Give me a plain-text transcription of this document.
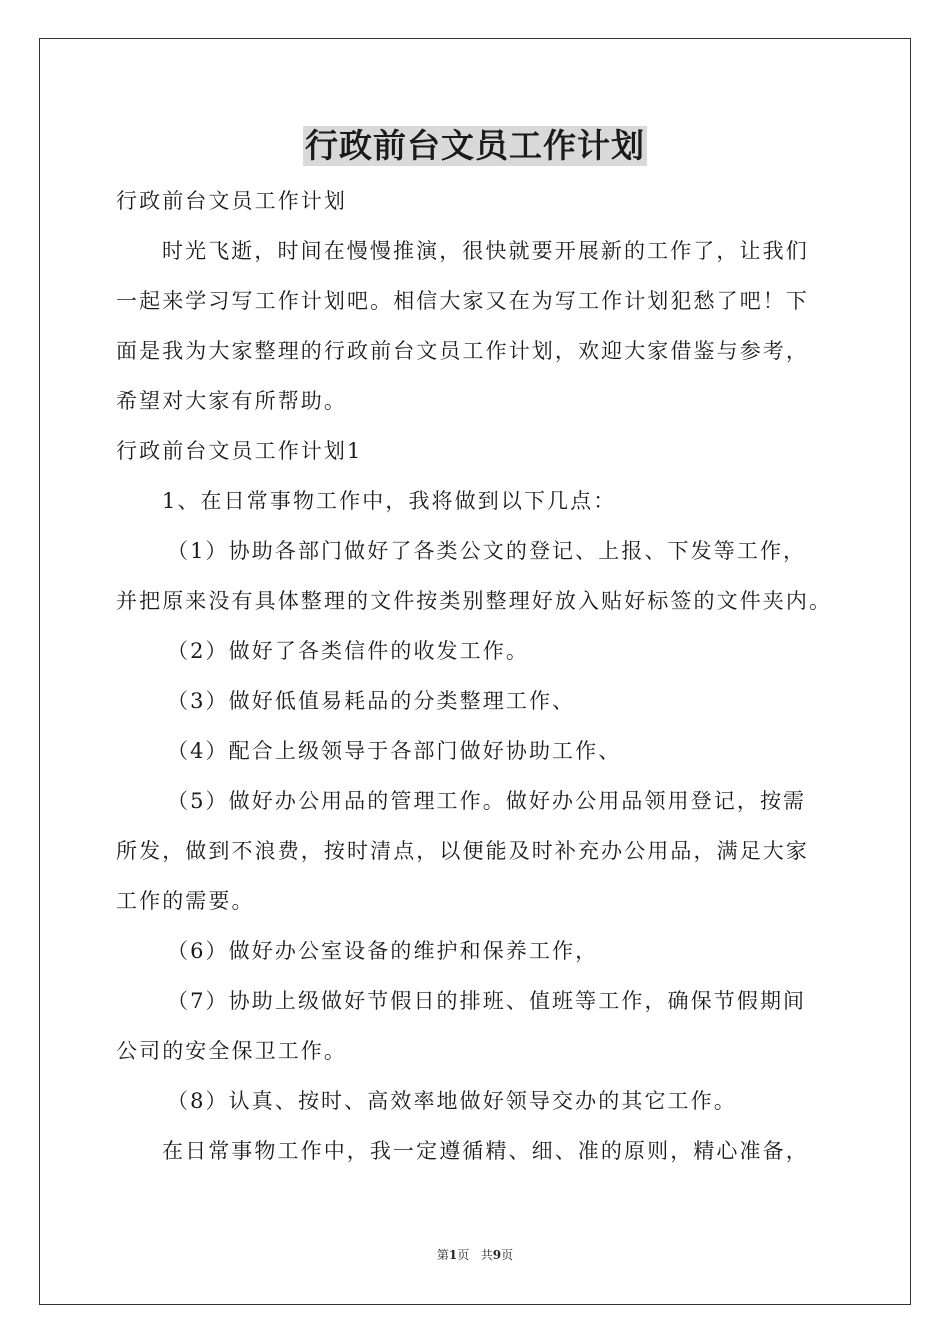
行政前台文员工作计划

行政前台文员工作计划

时光飞逝，时间在慢慢推演，很快就要开展新的工作了，让我们

一起来学习写工作计划吧。相信大家又在为写工作计划犯愁了吧！下

面是我为大家整理的行政前台文员工作计划，欢迎大家借鉴与参考，

希望对大家有所帮助。

行政前台文员工作计划1

1、在日常事物工作中，我将做到以下几点：

（1）协助各部门做好了各类公文的登记、上报、下发等工作，

并把原来没有具体整理的文件按类别整理好放入贴好标签的文件夹内。

（2）做好了各类信件的收发工作。

（3）做好低值易耗品的分类整理工作、

（4）配合上级领导于各部门做好协助工作、

（5）做好办公用品的管理工作。做好办公用品领用登记，按需

所发，做到不浪费，按时清点，以便能及时补充办公用品，满足大家

工作的需要。

（6）做好办公室设备的维护和保养工作，

（7）协助上级做好节假日的排班、值班等工作，确保节假期间

公司的安全保卫工作。

（8）认真、按时、高效率地做好领导交办的其它工作。

在日常事物工作中，我一定遵循精、细、准的原则，精心准备，

第1页 共9页
